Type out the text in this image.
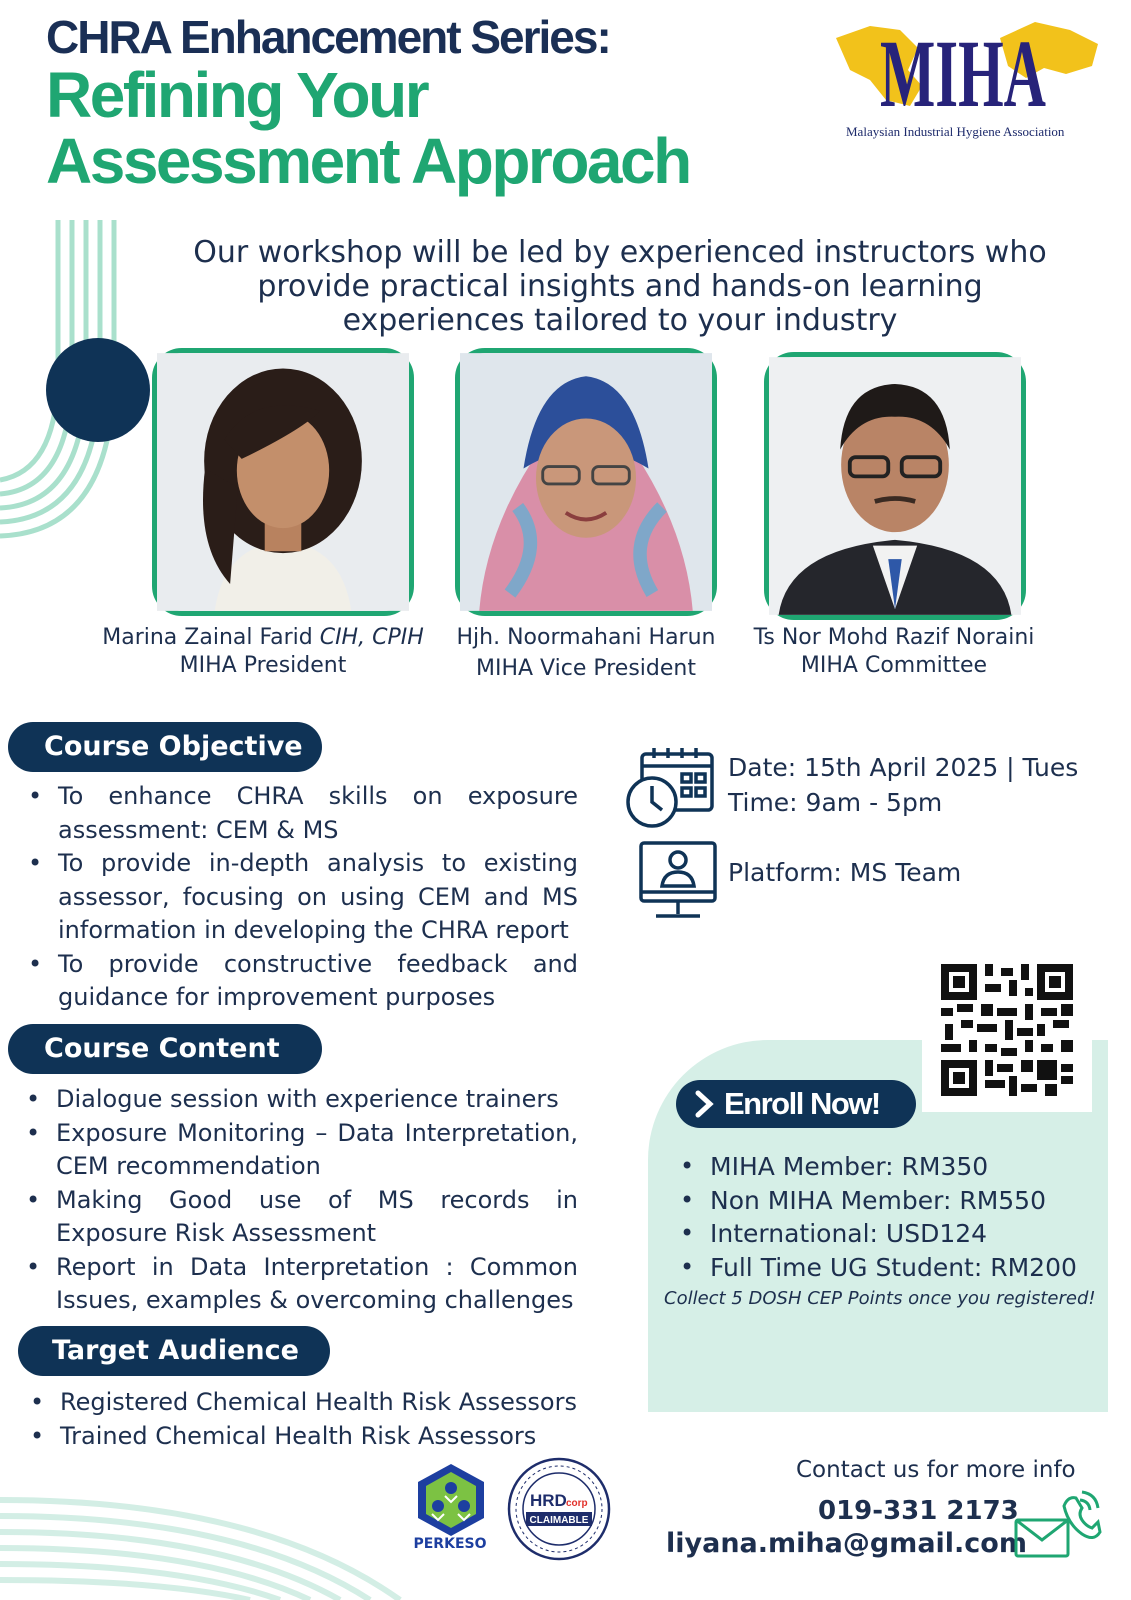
CHRA Enhancement Series:
Refining Your Assessment Approach
MIHA
Malaysian Industrial Hygiene Association
Our workshop will be led by experienced instructors who provide practical insights and hands-on learning experiences tailored to your industry
Marina Zainal Farid CIH, CPIH
MIHA President
Hjh. Noormahani Harun
MIHA Vice President
Ts Nor Mohd Razif Noraini
MIHA Committee
Course Objective
• To enhance CHRA skills on exposure assessment: CEM & MS
• To provide in-depth analysis to existing assessor, focusing on using CEM and MS information in developing the CHRA report
• To provide constructive feedback and guidance for improvement purposes
Course Content
• Dialogue session with experience trainers
• Exposure Monitoring – Data Interpretation, CEM recommendation
• Making Good use of MS records in Exposure Risk Assessment
• Report in Data Interpretation : Common Issues, examples & overcoming challenges
Target Audience
• Registered Chemical Health Risk Assessors
• Trained Chemical Health Risk Assessors
Date: 15th April 2025 | Tues
Time: 9am - 5pm
Platform: MS Team
Enroll Now!
• MIHA Member: RM350
• Non MIHA Member: RM550
• International: USD124
• Full Time UG Student: RM200
Collect 5 DOSH CEP Points once you registered!
Contact us for more info
019-331 2173
liyana.miha@gmail.com
PERKESO
HRD corp
CLAIMABLE
